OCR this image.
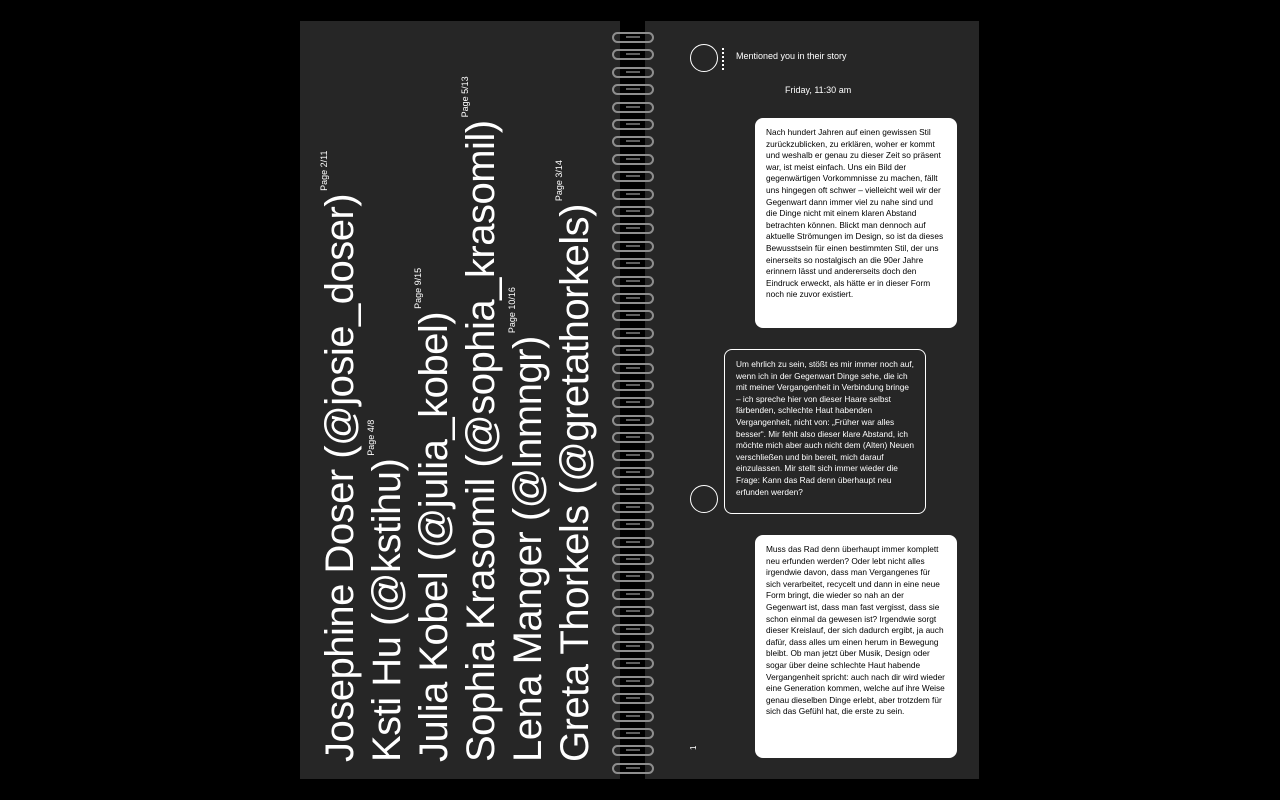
Josephine Doser (@josie_doser)
Page 2/11
Ksti Hu (@kstihu)
Page 4/8 Julia Kobel (@julia_kobel)
Page 9/15 Sophia Krasomil (@sophia_krasomil)
Page 5/13
Lena Manger (@lnmngr)
Page 10/16 Greta Thorkels (@gretathorkels)
Page 3/14
Mentioned you in their story
Friday, 11:30 am
Nach hundert Jahren auf einen gewissen Stil zurückzublicken, zu erklären, woher er kommt und weshalb er genau zu dieser Zeit so präsent war, ist meist einfach. Uns ein Bild der gegenwärtigen Vorkommnisse zu machen, fällt uns hingegen oft schwer – vielleicht weil wir der Gegenwart dann immer viel zu nahe sind und die Dinge nicht mit einem klaren Abstand betrachten können. Blickt man dennoch auf aktuelle Strömungen im Design, so ist da dieses Bewusstsein für einen bestimmten Stil, der uns einerseits so nostalgisch an die 90er Jahre erinnern lässt und andererseits doch den Eindruck erweckt, als hätte er in dieser Form noch nie zuvor existiert.
Um ehrlich zu sein, stößt es mir immer noch auf, wenn ich in der Gegenwart Dinge sehe, die ich mit meiner Vergangenheit in Verbindung bringe – ich spreche hier von dieser Haare selbst färbenden, schlechte Haut habenden Vergangenheit, nicht von: „Früher war alles besser“. Mir fehlt also dieser klare Abstand, ich möchte mich aber auch nicht dem (Alten) Neuen verschließen und bin bereit, mich darauf einzulassen. Mir stellt sich immer wieder die Frage: Kann das Rad denn überhaupt neu erfunden werden?
Muss das Rad denn überhaupt immer komplett neu erfunden werden? Oder lebt nicht alles irgendwie davon, dass man Vergangenes für sich verarbeitet, recycelt und dann in eine neue Form bringt, die wieder so nah an der Gegenwart ist, dass man fast vergisst, dass sie schon einmal da gewesen ist? Irgendwie sorgt dieser Kreislauf, der sich dadurch ergibt, ja auch dafür, dass alles um einen herum in Bewegung bleibt. Ob man jetzt über Musik, Design oder sogar über deine schlechte Haut habende Vergangenheit spricht: auch nach dir wird wieder eine Generation kommen, welche auf ihre Weise genau dieselben Dinge erlebt, aber trotzdem für sich das Gefühl hat, die erste zu sein.
1
